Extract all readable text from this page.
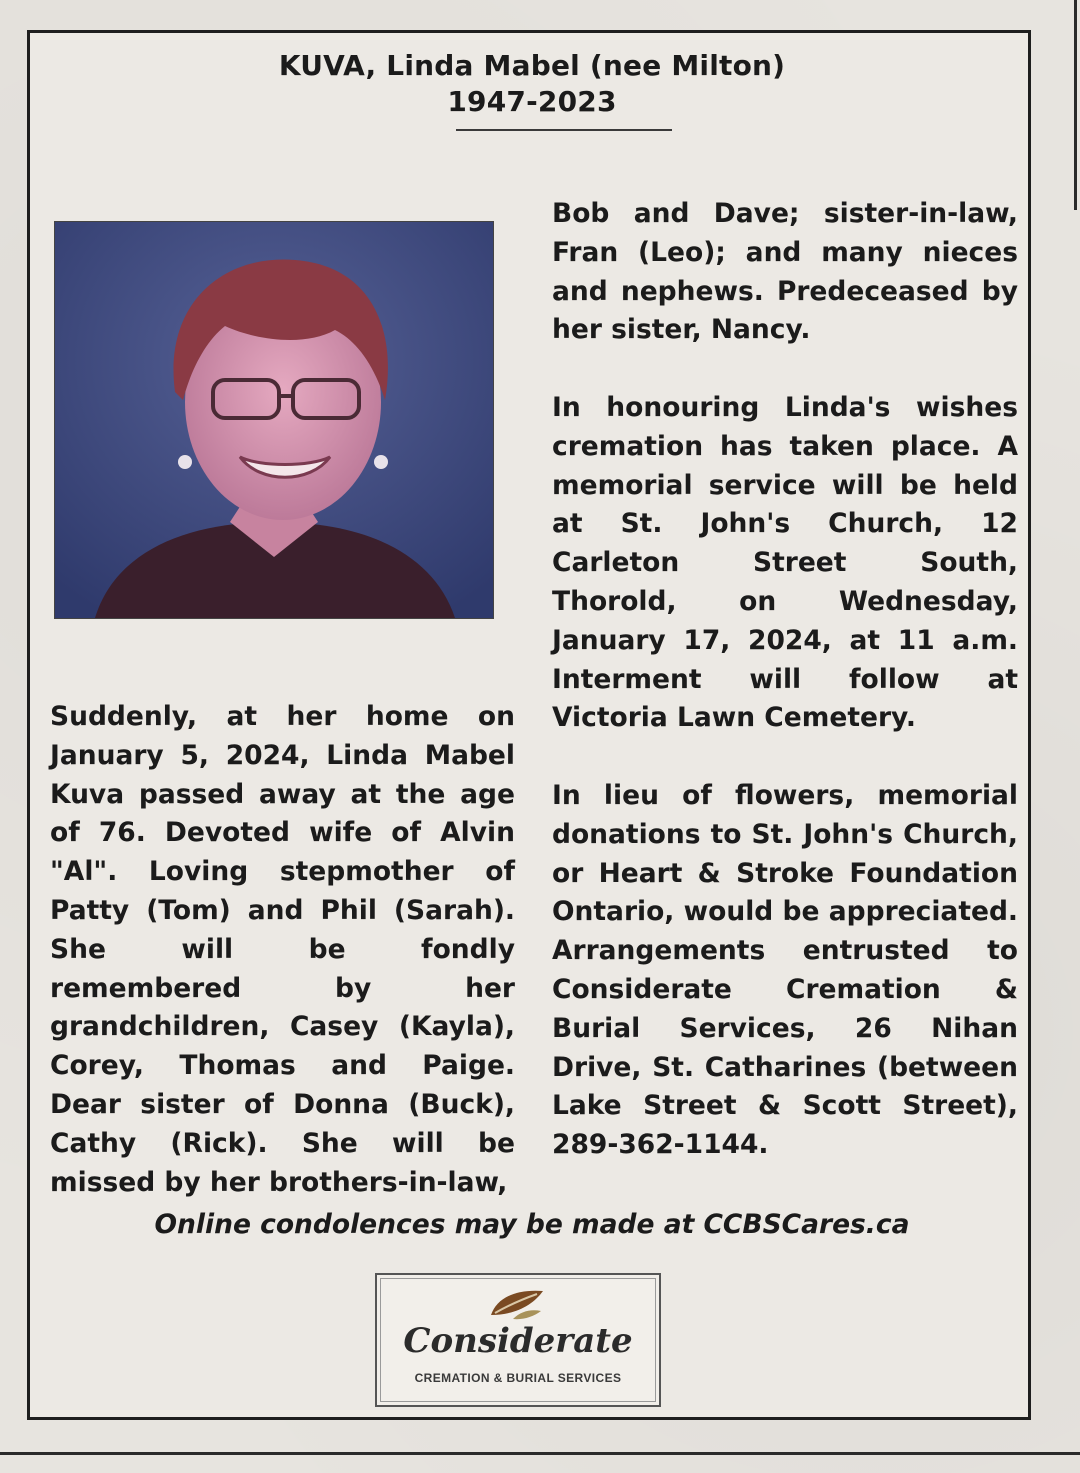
KUVA, Linda Mabel (nee Milton)
1947-2023

Suddenly, at her home on January 5, 2024, Linda Mabel Kuva passed away at the age of 76. Devoted wife of Alvin "Al". Loving stepmother of Patty (Tom) and Phil (Sarah). She will be fondly remembered by her grandchildren, Casey (Kayla), Corey, Thomas and Paige. Dear sister of Donna (Buck), Cathy (Rick). She will be missed by her brothers-in-law,

Bob and Dave; sister-in-law, Fran (Leo); and many nieces and nephews. Predeceased by her sister, Nancy.

In honouring Linda's wishes cremation has taken place. A memorial service will be held at St. John's Church, 12 Carleton Street South, Thorold, on Wednesday, January 17, 2024, at 11 a.m. Interment will follow at Victoria Lawn Cemetery.

In lieu of flowers, memorial donations to St. John's Church, or Heart & Stroke Foundation Ontario, would be appreciated. Arrangements entrusted to Considerate Cremation & Burial Services, 26 Nihan Drive, St. Catharines (between Lake Street & Scott Street), 289-362-1144.

Online condolences may be made at CCBSCares.ca
Considerate
CREMATION & BURIAL SERVICES
